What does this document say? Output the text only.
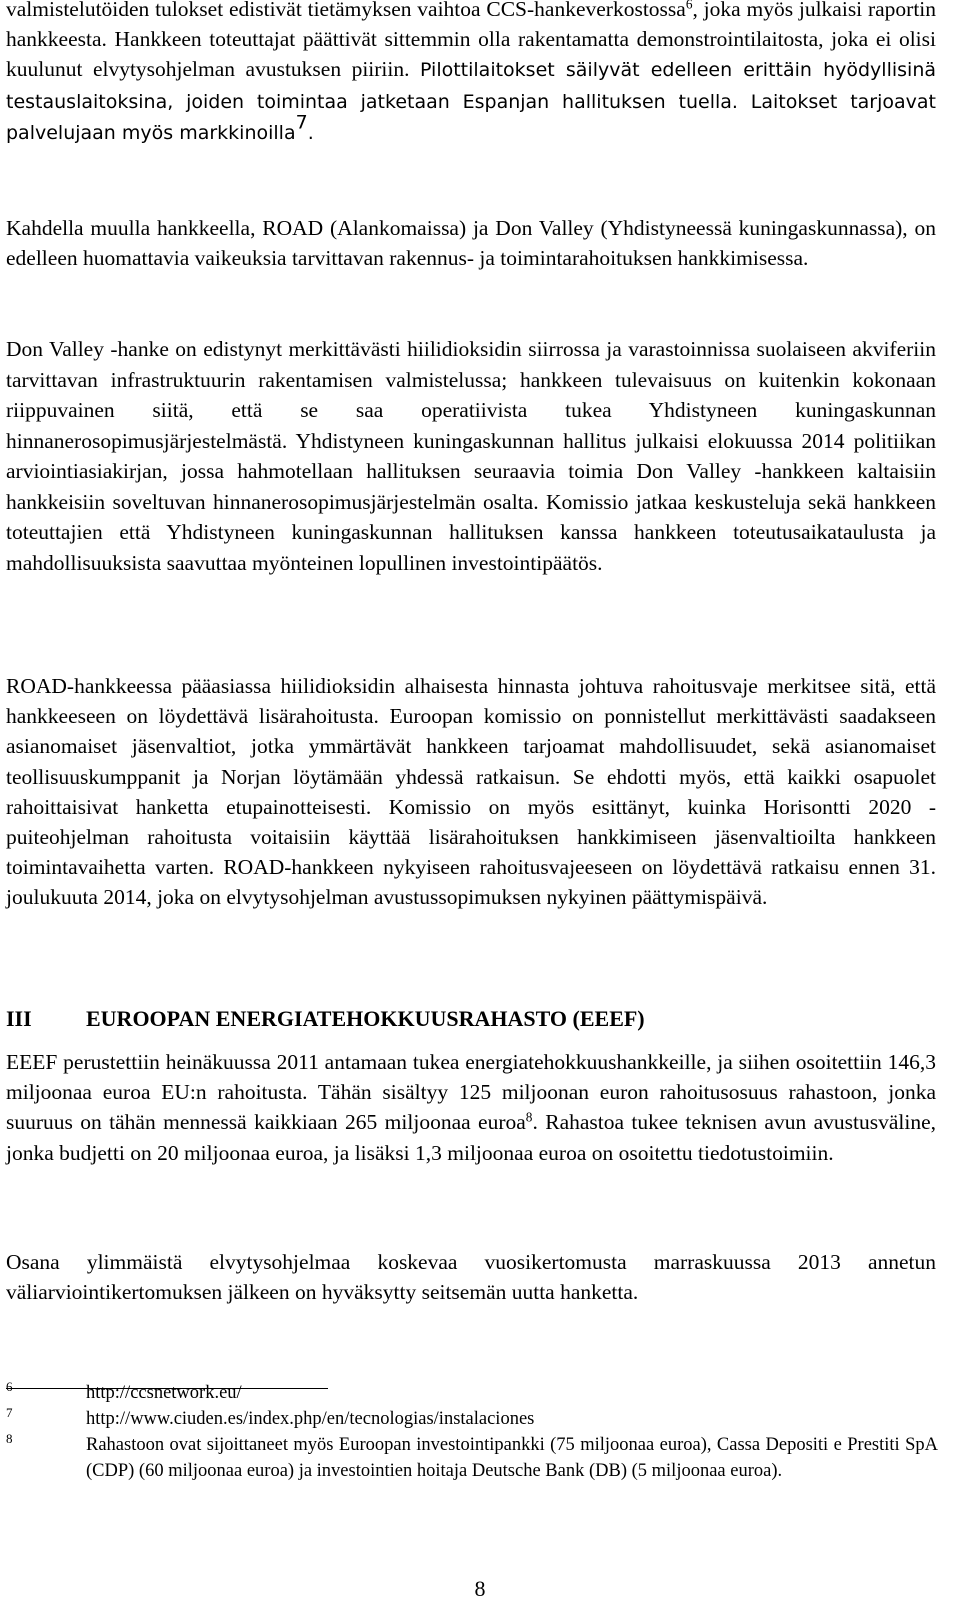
valmistelutöiden tulokset edistivät tietämyksen vaihtoa CCS-hankeverkostossa$^6$, joka myös julkaisi raportin hankkeesta. Hankkeen toteuttajat päättivät sittemmin olla rakentamatta demonstrointilaitosta, joka ei olisi kuulunut elvytysohjelman avustuksen piiriin. Pilottilaitokset säilyvät edelleen erittäin hyödyllisinä testauslaitoksina, joiden toimintaa jatketaan Espanjan hallituksen tuella. Laitokset tarjoavat palvelujaan myös markkinoilla$^7$.

Kahdella muulla hankkeella, ROAD (Alankomaissa) ja Don Valley (Yhdistyneessä kuningaskunnassa), on edelleen huomattavia vaikeuksia tarvittavan rakennus- ja toimintarahoituksen hankkimisessa.

Don Valley -hanke on edistynyt merkittävästi hiilidioksidin siirrossa ja varastoinnissa suolaiseen akviferiin tarvittavan infrastruktuurin rakentamisen valmistelussa; hankkeen tulevaisuus on kuitenkin kokonaan riippuvainen siitä, että se saa operatiivista tukea Yhdistyneen kuningaskunnan hinnanerosopimusjärjestelmästä. Yhdistyneen kuningaskunnan hallitus julkaisi elokuussa 2014 politiikan arviointiasiakirjan, jossa hahmotellaan hallituksen seuraavia toimia Don Valley -hankkeen kaltaisiin hankkeisiin soveltuvan hinnanerosopimusjärjestelmän osalta. Komissio jatkaa keskusteluja sekä hankkeen toteuttajien että Yhdistyneen kuningaskunnan hallituksen kanssa hankkeen toteutusaikataulusta ja mahdollisuuksista saavuttaa myönteinen lopullinen investointipäätös.

ROAD-hankkeessa pääasiassa hiilidioksidin alhaisesta hinnasta johtuva rahoitusvaje merkitsee sitä, että hankkeeseen on löydettävä lisärahoitusta. Euroopan komissio on ponnistellut merkittävästi saadakseen asianomaiset jäsenvaltiot, jotka ymmärtävät hankkeen tarjoamat mahdollisuudet, sekä asianomaiset teollisuuskumppanit ja Norjan löytämään yhdessä ratkaisun. Se ehdotti myös, että kaikki osapuolet rahoittaisivat hanketta etupainotteisesti. Komissio on myös esittänyt, kuinka Horisontti 2020 -puiteohjelman rahoitusta voitaisiin käyttää lisärahoituksen hankkimiseen jäsenvaltioilta hankkeen toimintavaihetta varten. ROAD-hankkeen nykyiseen rahoitusvajeeseen on löydettävä ratkaisu ennen 31. joulukuuta 2014, joka on elvytysohjelman avustussopimuksen nykyinen päättymispäivä.

III EUROOPAN ENERGIATEHOKKUUSRAHASTO (EEEF)

EEEF perustettiin heinäkuussa 2011 antamaan tukea energiatehokkuushankkeille, ja siihen osoitettiin 146,3 miljoonaa euroa EU:n rahoitusta. Tähän sisältyy 125 miljoonan euron rahoitusosuus rahastoon, jonka suuruus on tähän mennessä kaikkiaan 265 miljoonaa euroa$^8$. Rahastoa tukee teknisen avun avustusväline, jonka budjetti on 20 miljoonaa euroa, ja lisäksi 1,3 miljoonaa euroa on osoitettu tiedotustoimiin.

Osana ylimmäistä elvytysohjelmaa koskevaa vuosikertomusta marraskuussa 2013 annetun väliarviointikertomuksen jälkeen on hyväksytty seitsemän uutta hanketta.

6	http://ccsnetwork.eu/
7	http://www.ciuden.es/index.php/en/tecnologias/instalaciones
8	Rahastoon ovat sijoittaneet myös Euroopan investointipankki (75 miljoonaa euroa), Cassa Depositi e Prestiti SpA (CDP) (60 miljoonaa euroa) ja investointien hoitaja Deutsche Bank (DB) (5 miljoonaa euroa).
8
